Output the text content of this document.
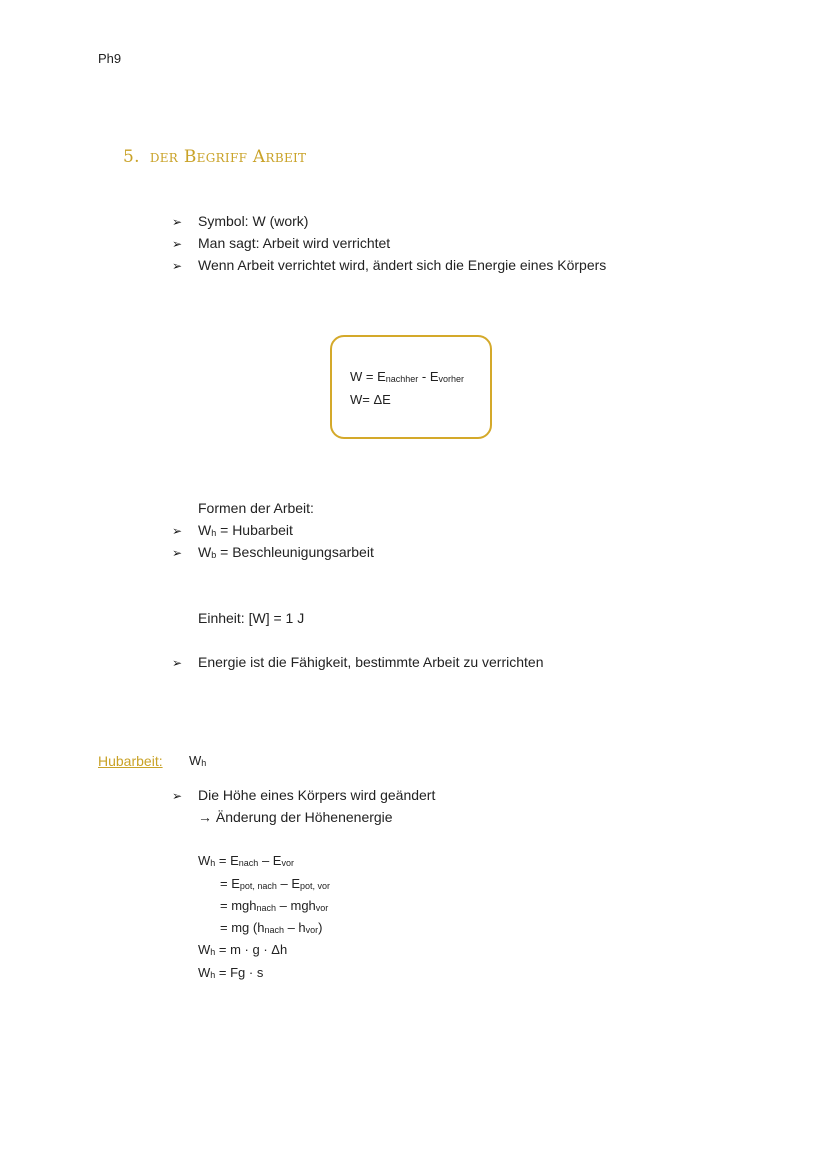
Ph9
5. der Begriff Arbeit
➢ Symbol: W (work)
➢ Man sagt: Arbeit wird verrichtet
➢ Wenn Arbeit verrichtet wird, ändert sich die Energie eines Körpers
$W = E_{nachher} - E_{vorher}$
W= ΔE
Formen der Arbeit:
➢ $W_h$ = Hubarbeit
➢ $W_b$ = Beschleunigungsarbeit
Einheit: [W] = 1 J
➢ Energie ist die Fähigkeit, bestimmte Arbeit zu verrichten
Hubarbeit: $W_h$
➢ Die Höhe eines Körpers wird geändert
→ Änderung der Höhenenergie
$W_h = E_{nach} - E_{vor}$
= $E_{pot, nach} - E_{pot, vor}$
= mgh$_{nach}$ – mgh$_{vor}$
= mg $(h_{nach} - h_{vor})$
$W_h = m \cdot g \cdot \Delta h$
$W_h = Fg \cdot s$
